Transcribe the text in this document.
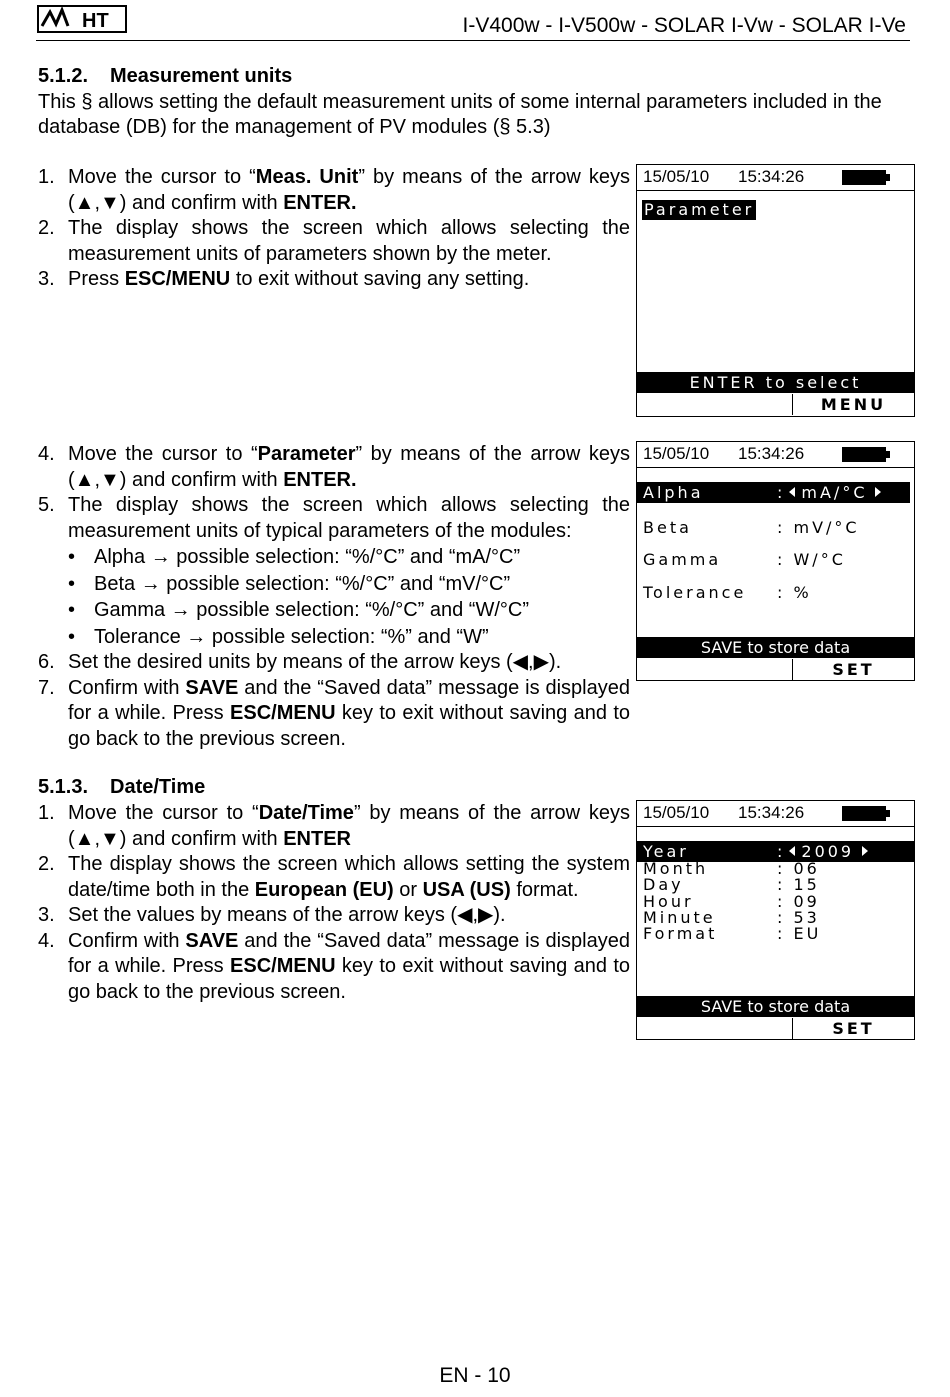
HT	I-V400w - I-V500w - SOLAR I-Vw - SOLAR I-Ve
5.1.2. Measurement units
This § allows setting the default measurement units of some internal parameters included in the database (DB) for the management of PV modules (§ 5.3)
1. Move the cursor to “Meas. Unit” by means of the arrow keys (▲,▼) and confirm with ENTER.
2. The display shows the screen which allows selecting the measurement units of parameters shown by the meter.
3. Press ESC/MENU to exit without saving any setting.
4. Move the cursor to “Parameter” by means of the arrow keys (▲,▼) and confirm with ENTER.
5. The display shows the screen which allows selecting the measurement units of typical parameters of the modules:
• Alpha → possible selection: “%/°C” and “mA/°C”
• Beta → possible selection: “%/°C” and “mV/°C”
• Gamma → possible selection: “%/°C” and “W/°C”
• Tolerance → possible selection: “%” and “W”
6. Set the desired units by means of the arrow keys (◀,▶).
7. Confirm with SAVE and the “Saved data” message is displayed for a while. Press ESC/MENU key to exit without saving and to go back to the previous screen.
5.1.3. Date/Time
1. Move the cursor to “Date/Time” by means of the arrow keys (▲,▼) and confirm with ENTER
2. The display shows the screen which allows setting the system date/time both in the European (EU) or USA (US) format.
3. Set the values by means of the arrow keys (◀,▶).
4. Confirm with SAVE and the “Saved data” message is displayed for a while. Press ESC/MENU key to exit without saving and to go back to the previous screen.
15/05/10 15:34:26
Parameter
ENTER to select
MENU
15/05/10 15:34:26
Alpha	: mA/°C
Beta	: mV/°C
Gamma	: W/°C
Tolerance : %
SAVE to store data
SET
15/05/10 15:34:26
Year	: 2009
Month	: 06
Day	: 15
Hour	: 09
Minute	: 53
Format	: EU
SAVE to store data
SET
EN - 10
